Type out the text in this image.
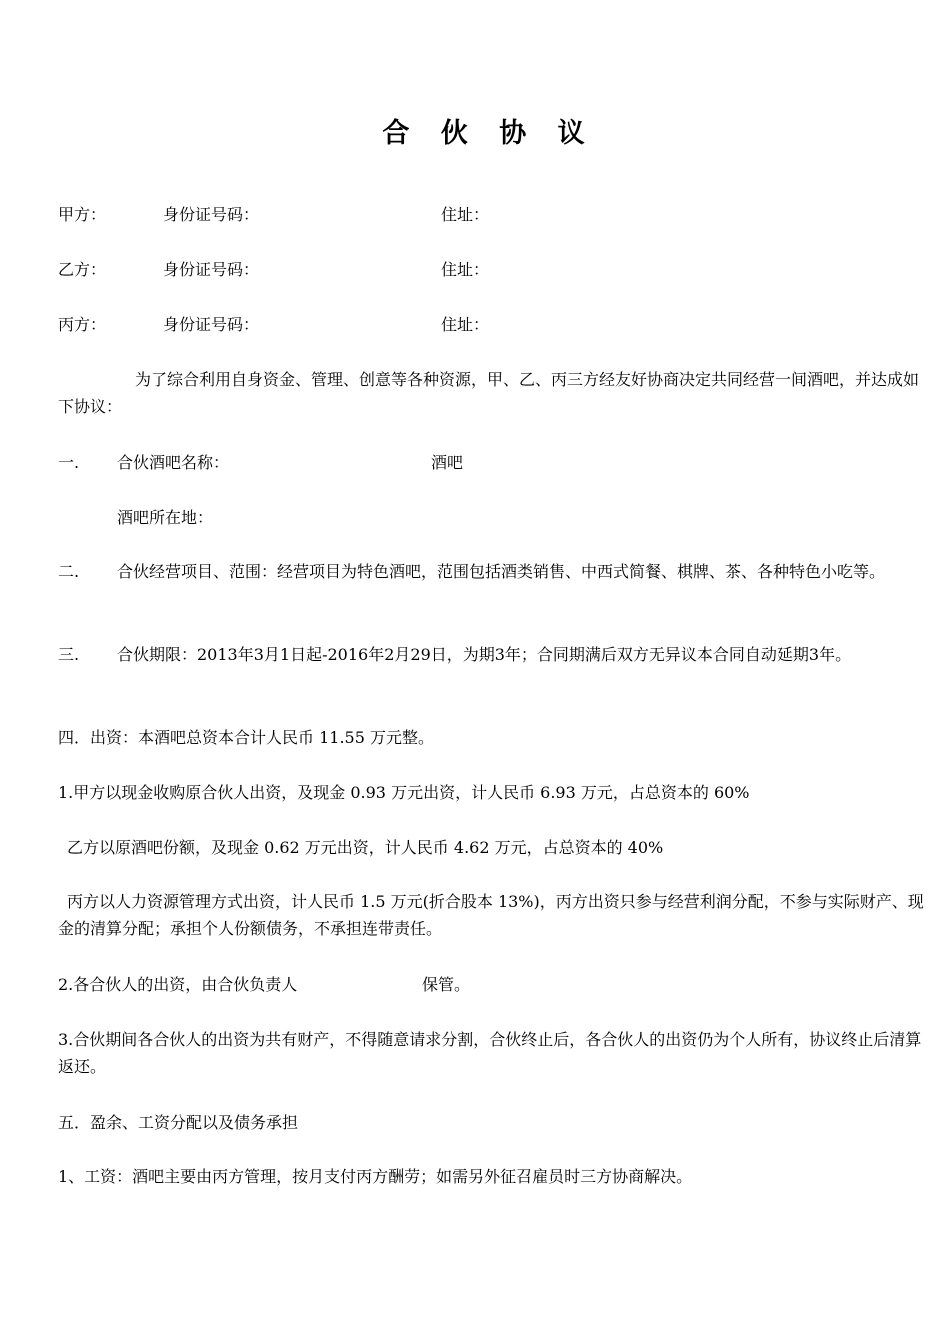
合 伙 协 议
甲方：	身份证号码：	住址：
乙方：	身份证号码：	住址：
丙方：	身份证号码：	住址：
为了综合利用自身资金、管理、创意等各种资源，甲、乙、丙三方经友好协商决定共同经营一间酒吧，并达成如下协议：
一. 合伙酒吧名称：	酒吧
酒吧所在地：
二. 合伙经营项目、范围：经营项目为特色酒吧，范围包括酒类销售、中西式简餐、棋牌、茶、各种特色小吃等。
三. 合伙期限：2013年3月1日起-2016年2月29日，为期3年；合同期满后双方无异议本合同自动延期3年。
四．出资：本酒吧总资本合计人民币 11.55 万元整。
1.甲方以现金收购原合伙人出资，及现金 0.93 万元出资，计人民币 6.93 万元，占总资本的 60%
乙方以原酒吧份额，及现金 0.62 万元出资，计人民币 4.62 万元，占总资本的 40%
丙方以人力资源管理方式出资，计人民币 1.5 万元(折合股本 13%)，丙方出资只参与经营利润分配，不参与实际财产、现金的清算分配；承担个人份额债务，不承担连带责任。
2.各合伙人的出资，由合伙负责人	保管。
3.合伙期间各合伙人的出资为共有财产，不得随意请求分割，合伙终止后，各合伙人的出资仍为个人所有，协议终止后清算返还。
五．盈余、工资分配以及债务承担
1、工资：酒吧主要由丙方管理，按月支付丙方酬劳；如需另外征召雇员时三方协商解决。
